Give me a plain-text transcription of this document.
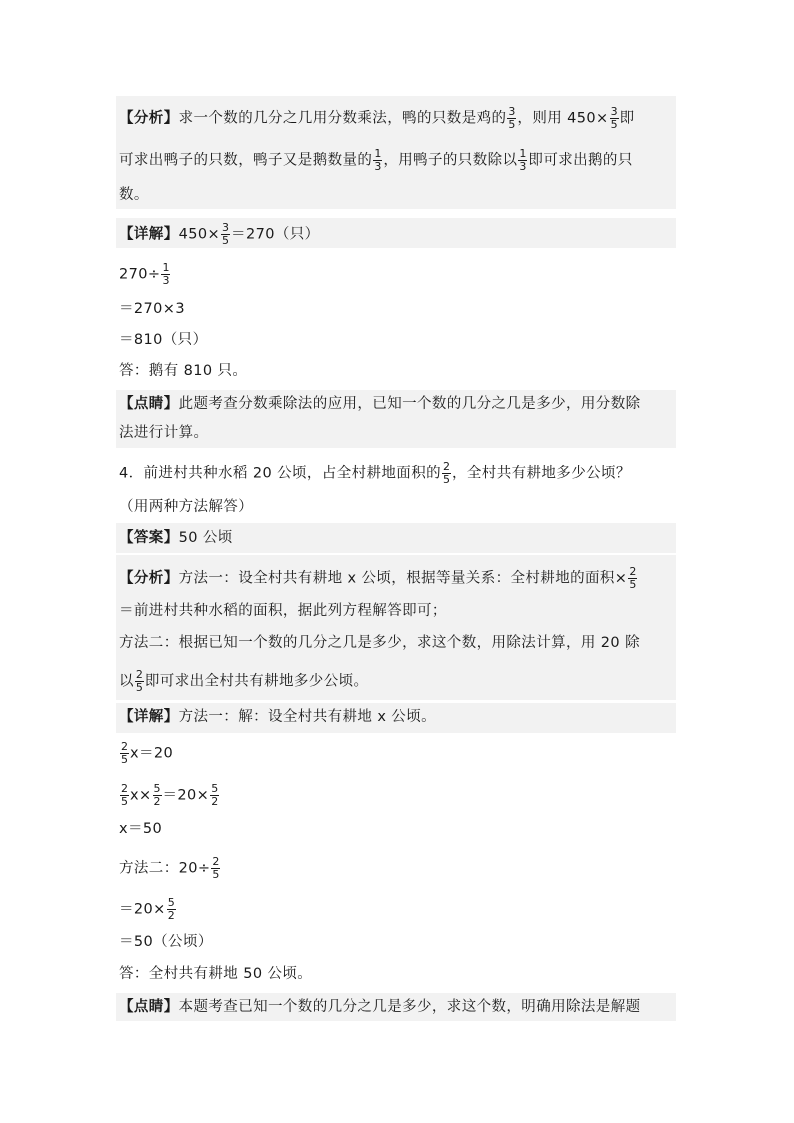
【分析】求一个数的几分之几用分数乘法，鸭的只数是鸡的 $\frac{3}{5}$ ，则用 $450\times \frac{3}{5}$ 即
可求出鸭子的只数，鸭子又是鹅数量的 $\frac{1}{3}$ ，用鸭子的只数除以 $\frac{1}{3}$ 即可求出鹅的只
数。
【详解】$450\times \frac{3}{5} =270$（只）
$270\div \frac{1}{3}$
＝270×3
＝810（只）
答：鹅有 810 只。
【点睛】此题考查分数乘除法的应用，已知一个数的几分之几是多少，用分数除
法进行计算。
4．前进村共种水稻 20 公顷，占全村耕地面积的 $\frac{2}{5}$ ，全村共有耕地多少公顷？
（用两种方法解答）
【答案】50 公顷
【分析】方法一：设全村共有耕地 x 公顷，根据等量关系：全村耕地的面积× $\frac{2}{5}$
＝前进村共种水稻的面积，据此列方程解答即可；
方法二：根据已知一个数的几分之几是多少，求这个数，用除法计算，用 20 除
以 $\frac{2}{5}$ 即可求出全村共有耕地多少公顷。
【详解】方法一：解：设全村共有耕地 x 公顷。
$\frac{2}{5} x=20$
$\frac{2}{5} x\times \frac{5}{2} =20\times \frac{5}{2}$
x＝50
方法二：$20\div \frac{2}{5}$
$=20\times \frac{5}{2}$
＝50（公顷）
答：全村共有耕地 50 公顷。
【点睛】本题考查已知一个数的几分之几是多少，求这个数，明确用除法是解题
